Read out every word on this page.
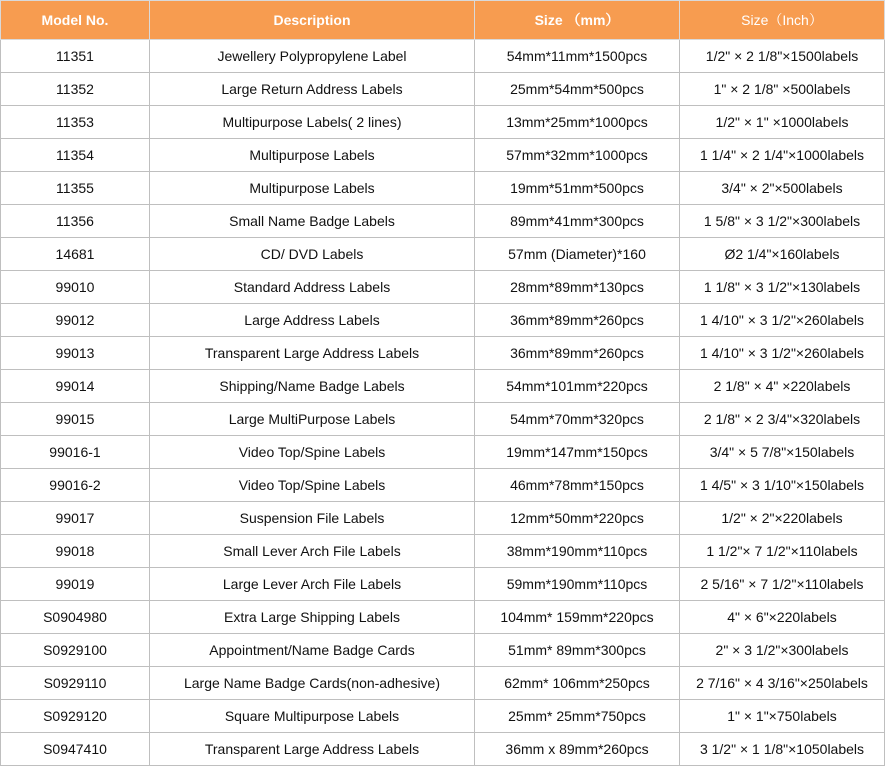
Model No.	Description	Size （mm）	Size（Inch）
11351	Jewellery Polypropylene Label	54mm*11mm*1500pcs	1/2" × 2 1/8"×1500labels
11352	Large Return Address Labels	25mm*54mm*500pcs	1" × 2 1/8" ×500labels
11353	Multipurpose Labels( 2 lines)	13mm*25mm*1000pcs	1/2" × 1" ×1000labels
11354	Multipurpose Labels	57mm*32mm*1000pcs	1 1/4" × 2 1/4"×1000labels
11355	Multipurpose Labels	19mm*51mm*500pcs	3/4" × 2"×500labels
11356	Small Name Badge Labels	89mm*41mm*300pcs	1 5/8" × 3 1/2"×300labels
14681	CD/ DVD Labels	57mm (Diameter)*160	Ø2 1/4"×160labels
99010	Standard Address Labels	28mm*89mm*130pcs	1 1/8" × 3 1/2"×130labels
99012	Large Address Labels	36mm*89mm*260pcs	1 4/10" × 3 1/2"×260labels
99013	Transparent Large Address Labels	36mm*89mm*260pcs	1 4/10" × 3 1/2"×260labels
99014	Shipping/Name Badge Labels	54mm*101mm*220pcs	2 1/8" × 4" ×220labels
99015	Large MultiPurpose Labels	54mm*70mm*320pcs	2 1/8" × 2 3/4"×320labels
99016-1	Video Top/Spine Labels	19mm*147mm*150pcs	3/4" × 5 7/8"×150labels
99016-2	Video Top/Spine Labels	46mm*78mm*150pcs	1 4/5" × 3 1/10"×150labels
99017	Suspension File Labels	12mm*50mm*220pcs	1/2" × 2"×220labels
99018	Small Lever Arch File Labels	38mm*190mm*110pcs	1 1/2"× 7 1/2"×110labels
99019	Large Lever Arch File Labels	59mm*190mm*110pcs	2 5/16" × 7 1/2"×110labels
S0904980	Extra Large Shipping Labels	104mm* 159mm*220pcs	4" × 6"×220labels
S0929100	Appointment/Name Badge Cards	51mm* 89mm*300pcs	2" × 3 1/2"×300labels
S0929110	Large Name Badge Cards(non-adhesive)	62mm* 106mm*250pcs	2 7/16" × 4 3/16"×250labels
S0929120	Square Multipurpose Labels	25mm* 25mm*750pcs	1" × 1"×750labels
S0947410	Transparent Large Address Labels	36mm x 89mm*260pcs	3 1/2" × 1 1/8"×1050labels
